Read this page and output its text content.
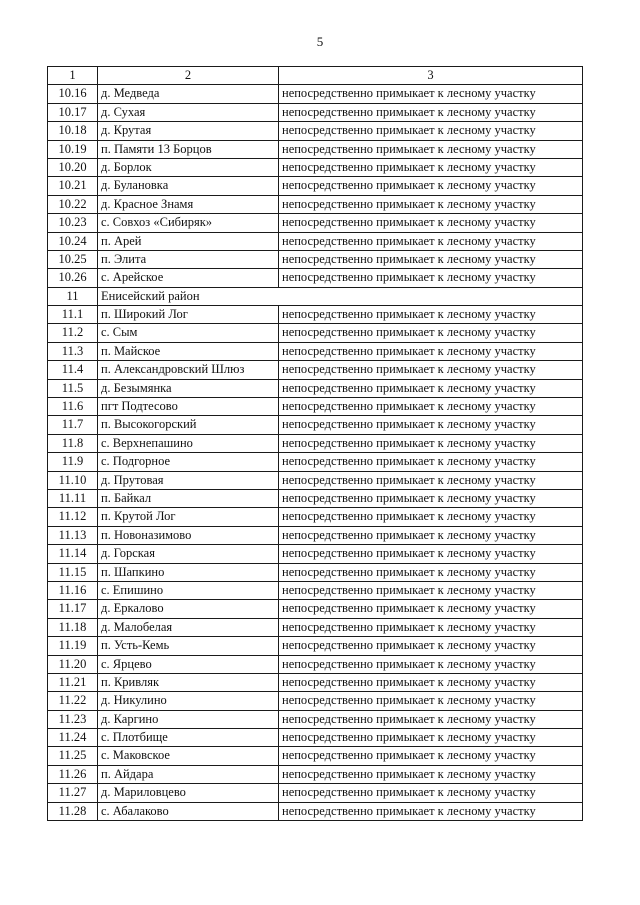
5
1	2	3
10.16	д. Медведа	непосредственно примыкает к лесному участку
10.17	д. Сухая	непосредственно примыкает к лесному участку
10.18	д. Крутая	непосредственно примыкает к лесному участку
10.19	п. Памяти 13 Борцов	непосредственно примыкает к лесному участку
10.20	д. Борлок	непосредственно примыкает к лесному участку
10.21	д. Булановка	непосредственно примыкает к лесному участку
10.22	д. Красное Знамя	непосредственно примыкает к лесному участку
10.23	с. Совхоз «Сибиряк»	непосредственно примыкает к лесному участку
10.24	п. Арей	непосредственно примыкает к лесному участку
10.25	п. Элита	непосредственно примыкает к лесному участку
10.26	с. Арейское	непосредственно примыкает к лесному участку
11	Енисейский район	
11.1	п. Широкий Лог	непосредственно примыкает к лесному участку
11.2	с. Сым	непосредственно примыкает к лесному участку
11.3	п. Майское	непосредственно примыкает к лесному участку
11.4	п. Александровский Шлюз	непосредственно примыкает к лесному участку
11.5	д. Безымянка	непосредственно примыкает к лесному участку
11.6	пгт Подтесово	непосредственно примыкает к лесному участку
11.7	п. Высокогорский	непосредственно примыкает к лесному участку
11.8	с. Верхнепашино	непосредственно примыкает к лесному участку
11.9	с. Подгорное	непосредственно примыкает к лесному участку
11.10	д. Прутовая	непосредственно примыкает к лесному участку
11.11	п. Байкал	непосредственно примыкает к лесному участку
11.12	п. Крутой Лог	непосредственно примыкает к лесному участку
11.13	п. Новоназимово	непосредственно примыкает к лесному участку
11.14	д. Горская	непосредственно примыкает к лесному участку
11.15	п. Шапкино	непосредственно примыкает к лесному участку
11.16	с. Епишино	непосредственно примыкает к лесному участку
11.17	д. Еркалово	непосредственно примыкает к лесному участку
11.18	д. Малобелая	непосредственно примыкает к лесному участку
11.19	п. Усть-Кемь	непосредственно примыкает к лесному участку
11.20	с. Ярцево	непосредственно примыкает к лесному участку
11.21	п. Кривляк	непосредственно примыкает к лесному участку
11.22	д. Никулино	непосредственно примыкает к лесному участку
11.23	д. Каргино	непосредственно примыкает к лесному участку
11.24	с. Плотбище	непосредственно примыкает к лесному участку
11.25	с. Маковское	непосредственно примыкает к лесному участку
11.26	п. Айдара	непосредственно примыкает к лесному участку
11.27	д. Мариловцево	непосредственно примыкает к лесному участку
11.28	с. Абалаково	непосредственно примыкает к лесному участку
